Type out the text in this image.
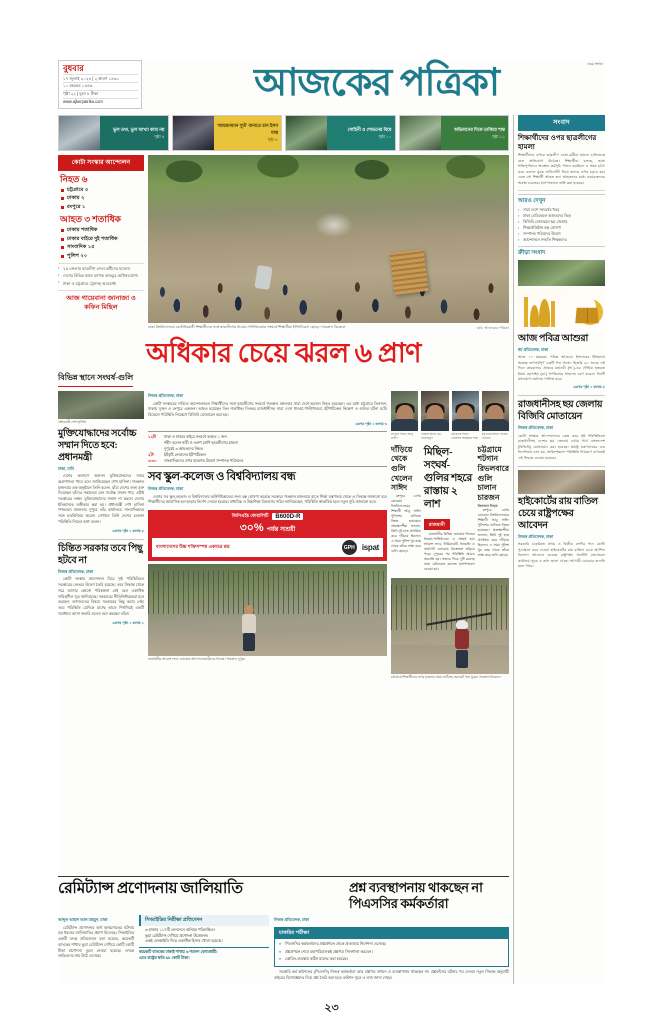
বুধবার
১৭ জুলাই ২০২৪ | ২ শ্রাবণ ১৪৩১
১০ মহররম ১৪৪৬
পৃষ্ঠা ২২ | মূল্য ৮ টাকা
www.ajkerpatrika.com
নবম সংখ্যা
আজকের পত্রিকা
ভুল তথ্য, ভুল ব্যাখ্যা কাম্য নয়
পৃষ্ঠা ৪
'আয়রনম্যান স্যুট' বানাতে চান ইলন মাস্ক
পৃষ্ঠা ৮
সোহিনী ও শোভনের বিয়ে
পৃষ্ঠা ১০
অভিমানের দিকে তাকিয়ে শান্ত
পৃষ্ঠা ১১
কোটা সংস্কার আন্দোলন
নিহত ৬
চট্টগ্রামে ৩
ঢাকায় ২
রংপুরে ১
আহত ৩ শতাধিক
ঢাকায় শতাধিক
ঢাকার বাইরে দুই শতাধিক
সাংবাদিক ১৫
পুলিশ ২০
▪ ২৫ জেলায় ছাত্রলীগ নেতা-কর্মীদের হামলা।
▪ দেশের বিভিন্ন স্থানে ব্যাপক ভাঙচুর-অগ্নিসংযোগ।
▪ ঢাকা ও চট্টগ্রামে ট্রেনসহ অবরোধ।
আজ গায়েবানা জানাজা ও কফিন মিছিল
ঢাকা বিশ্ববিদ্যালয়ে কোটাবিরোধী শিক্ষার্থীদের সঙ্গে ছাত্রলীগের ধাওয়া-পাল্টাধাওয়ার সংঘর্ষে শিক্ষার্থীরা ইটপাটকেল ছোড়ে। গতকাল বিকেলে	ছবি: আজকের পত্রিকা
অধিকার চেয়ে ঝরল ৬ প্রাণ
বিভিন্ন স্থানে সংঘর্ষ-গুলি
প্রধানমন্ত্রী শেখ হাসিনা
মুক্তিযোদ্ধাদের সর্বোচ্চ সম্মান দিতে হবে: প্রধানমন্ত্রী
ঢাকা, ঢাবি

দেশের কল্যাণে অবদান মুক্তিযোদ্ধাদের সবার অগ্রগণ্যতা পাবে বলে জানিয়েছেন শেখ হাসিনা। গতকাল মঙ্গলবার এক অনুষ্ঠানে তিনি বলেন, যাঁরা দেশের জন্য রক্ত দিয়েছেন তাঁদের সন্তানেরা যেন সর্বোচ্চ সম্মান পায়, এটাই সরকারের লক্ষ্য। মুক্তিযোদ্ধাদের সম্মান না করলে দেশের ইতিহাসকে অস্বীকার করা হয়। প্রধানমন্ত্রী শেখ হাসিনা গণভবনে মঙ্গলবার দুপুরে তাঁর কার্যালয়ে সাংবাদিকদের সঙ্গে মতবিনিময় করেন। সেখানে তিনি দেশের চলমান পরিস্থিতি নিয়েও কথা বলেন।

এরপর পৃষ্ঠা ২ কলাম ৫
চিন্তিত সরকার তবে পিছু হটবে না
নিজস্ব প্রতিবেদক, ঢাকা

কোটা সংস্কার আন্দোলন ঘিরে সৃষ্ট পরিস্থিতিতে সরকারের ভেতরে উদ্বেগ তৈরি হয়েছে। তবে সিদ্ধান্ত থেকে সরে আসার কোনো পরিকল্পনা নেই বলে একাধিক দায়িত্বশীল সূত্র জানিয়েছে। সরকারের নীতিনির্ধারকেরা মনে করছেন, আদালতের বিষয়ে সরকারের কিছু করার নেই। তবে পরিস্থিতি যেদিকে যাচ্ছে তাতে শিগগিরই একটি সমাধানে আসা জরুরি বলেও মনে করছেন তাঁরা।

এরপর পৃষ্ঠা ২ কলাম ১
নিজস্ব প্রতিবেদক, ঢাকা

কোটা সংস্কারের দাবিতে আন্দোলনরত শিক্ষার্থীদের সঙ্গে ছাত্রলীগের সংঘর্ষে গতকাল মঙ্গলবার সারা দেশে ছয়জন নিহত হয়েছেন। এর মধ্যে চট্টগ্রামে তিনজন, ঢাকায় দুজন ও রংপুরে একজন। আহত হয়েছেন তিন শতাধিক। দিনভর রাজধানীসহ সারা দেশে ধাওয়া-পাল্টাধাওয়া, ইটপাটকেল নিক্ষেপ ও গুলির ঘটনা ঘটে। বিকেলে পরিস্থিতি নিয়ন্ত্রণে বিজিবি মোতায়েন করা হয়।

এরপর পৃষ্ঠা ২ কলাম ৩
১২টা	ঢাকা ও ঢাকার বাইরে সংঘর্ষে আহত ১ জন
শহীদ হলেন নারী ও তরুণ শ্রেণি ছাত্রলীগের হামলা
দুপুরেই ৩ আহতদের নিহত
২টা	ইটবৃষ্টি নেতাদের ইটপাটকেল
৩:৩০	সাংবাদিকদের ওপর হামলায় উদ্বেগ সম্পাদক পরিষদের
সব স্কুল-কলেজ ও বিশ্ববিদ্যালয় বন্ধ
নিজস্ব প্রতিবেদক, ঢাকা

দেশের সব স্কুল-কলেজ ও বিশ্ববিদ্যালয় অনির্দিষ্টকালের জন্য বন্ধ ঘোষণা করেছে সরকার। গতকাল মঙ্গলবার রাতে শিক্ষা মন্ত্রণালয় থেকে এ সিদ্ধান্ত জানানো হয়। শিক্ষার্থীদের আবাসিক হল ছাড়ার নির্দেশ দেওয়া হয়েছে। মাধ্যমিক ও উচ্চশিক্ষা বিভাগের সচিব জানিয়েছেন, পরিস্থিতি স্বাভাবিক হলে নতুন সূচি জানানো হবে।

জিপিএইচ কোয়ালিটি	B600D-R
৩০% পর্যন্ত সাশ্রয়ী
বাংলাদেশের উচ্চ শক্তিসম্পন্ন একমাত্র রড	GPH ispat
রাজধানীর সায়েন্স ল্যাব এলাকায় আন্দোলনকারীদের ধাওয়া। গতকাল দুপুরে
রংপুরে নিহত আবু সাঈদ
ঢাকায় নিহত মো. ফারহানুল
চট্টগ্রামে নিহত ওয়াসিম আকরাম শান্ত
চট্টগ্রামে নিহত ফারুক হোসেন
দাঁড়িয়ে থেকে গুলি খেলেন সাঈদ

রংপুরে বেগম রোকেয়া বিশ্ববিদ্যালয়ের শিক্ষার্থী আবু সাঈদ পুলিশের গুলিতে নিহত হয়েছেন। প্রত্যক্ষদর্শীরা জানান, তিনি দুই হাত প্রসারিত করে দাঁড়িয়ে ছিলেন। এ সময় পুলিশ খুব কাছ থেকে তাঁকে লক্ষ্য করে গুলি ছোড়ে।

মিছিল-সংঘর্ষ-গুলির শহরে রাস্তায় ২ লাশ
রাজধানী

রাজধানীর বিভিন্ন এলাকায় দিনভর ধাওয়া-পাল্টাধাওয়া ও সংঘর্ষ হয়। সায়েন্স ল্যাব, নিউমার্কেট, ধানমন্ডি ও ফার্মগেট এলাকায় উত্তেজনা ছড়িয়ে পড়ে। দুপুরের পর পরিস্থিতি আরও অবনতি হয়। সন্ধ্যার দিকে দুটি মরদেহ ঢাকা মেডিকেল কলেজ হাসপাতালে নেওয়া হয়।

চট্টগ্রামে শটগান রিভলবারে গুলি চালান চারজন
তিনজন নিহত

রংপুরে বেগম রোকেয়া বিশ্ববিদ্যালয়ের শিক্ষার্থী আবু সাঈদ পুলিশের গুলিতে নিহত হয়েছেন। প্রত্যক্ষদর্শীরা জানান, তিনি দুই হাত প্রসারিত করে দাঁড়িয়ে ছিলেন। এ সময় পুলিশ খুব কাছ থেকে তাঁকে লক্ষ্য করে গুলি ছোড়ে।

চট্টগ্রামে শিক্ষার্থীদের ওপর হামলার সময় লাঠিসহ হেলমেট পরা যুবক। গতকাল বিকেলে
রেমিট্যান্স প্রণোদনায় জালিয়াতি	প্রশ্ন ব্যবস্থাপনায় থাকছেন না পিএসসির কর্মকর্তারা
আব্দুল আহাদ আল মাহমুদ, ঢাকা

রেমিট্যান্স প্রণোদনার অর্থ আত্মসাতের ঘটনায় বড় ধরনের জালিয়াতির প্রমাণ মিলেছে। সিআইডির একটি তদন্ত প্রতিবেদনে বলা হয়েছে, কয়েকটি ব্যাংকের শাখায় ভুয়া রেমিট্যান্স দেখিয়ে কোটি কোটি টাকা প্রণোদনা তুলে নেওয়া হয়েছে। তদন্তে জড়িতদের নাম উঠে এসেছে।

সিআইডির নিরীক্ষা প্রতিবেদন
৬ হাজার ১১৭টি লেনদেনে অনিয়ম পরিলক্ষিত।
ভুয়া রেমিট্যান্স দেখিয়ে প্রণোদনা উত্তোলন।
একই এনআইডি দিয়ে একাধিক হিসাব খোলা হয়েছে।
কয়েকটি ব্যাংকের ঢাকাই শাখায় ৬ শতাংশ বেনামধারী।
এতে রাষ্ট্রের ক্ষতি ৬৮ কোটি টাকা।
নিজস্ব প্রতিবেদক, ঢাকা
চাকরির পরীক্ষা
» পিএসসির কর্মকর্তাদের প্রশ্নপ্রণয়ন থেকে প্রত্যাহার নির্দেশনা এসেছে।
» প্রশ্নপ্রণয়ন শেষে মহাপরিচালকই প্রশ্নপত্র সিলগালা করবেন।
» কোডিং-ব্যবস্থায় কঠিন মানের করা হয়েছে।

সরকারি কর্ম কমিশনের (পিএসসি) নিজস্ব কর্মকর্তারা আর প্রশ্নপত্র প্রণয়ন ও ব্যবস্থাপনায় থাকছেন না। প্রশ্নফাঁসের ঘটনার পর নেওয়া নতুন সিদ্ধান্ত অনুযায়ী বাইরের বিশেষজ্ঞদের দিয়ে প্রশ্ন তৈরি করা হবে। কমিশন সূত্রে এ তথ্য জানা গেছে।

সংবাদ
শিক্ষার্থীদের ওপর ছাত্রলীগের হামলা
শিক্ষার্থীদের ওপরে ছাত্রলীগ নেতা-কর্মীরা হামলা চালিয়েছে বলে অভিযোগ উঠেছে। শিক্ষার্থীরা বলছে, তারা শান্তিপূর্ণভাবে অবস্থান কর্মসূচি পালন করছিল। এ সময় হঠাৎ করে একদল যুবক লাঠিসোঁটা নিয়ে তাদের ওপর চড়াও হয়। এতে বহু শিক্ষার্থী আহত হন। আহতদের মধ্যে কয়েকজনের অবস্থা গুরুতর। হাসপাতালে ভর্তি করা হয়েছে।
আরও দেখুন
▪ সারা দেশে সংঘর্ষের খবর
▪ ঢাকা মেডিকেলে আহতদের ভিড়
▪ বিজিবি মোতায়েন ছয় জেলায়
▪ শিক্ষাপ্রতিষ্ঠান বন্ধ ঘোষণা
▪ সম্পাদক পরিষদের উদ্বেগ
▪ আন্দোলনে সংহতি শিক্ষকদের
ক্রীড়া সংবাদ
আজ পবিত্র আশুরা
ধর্ম প্রতিবেদক, ঢাকা
আজ ১০ মহররম। পবিত্র আশুরা। ইসলামের ইতিহাসে অত্যন্ত তাৎপর্যপূর্ণ একটি দিন আজ। হিজরি ৬১ সনের এই দিনে কারবালার প্রান্তরে মহানবী (সা.)-এর দৌহিত্র হজরত ইমাম হোসাইন (রা.) সপরিবারে শাহাদত বরণ করেন। দিনটি যথাযোগ্য মর্যাদায় পালিত হবে।
এরপর পৃষ্ঠা ২ কলাম ৫
রাজধানীসহ ছয় জেলায় বিজিবি মোতায়েন
নিজস্ব প্রতিবেদক, ঢাকা
কোটা সংস্কার আন্দোলনকে কেন্দ্র করে সৃষ্ট পরিস্থিতিতে রাজধানীসহ দেশের ছয় জেলায় বর্ডার গার্ড বাংলাদেশ (বিজিবি) মোতায়েন করা হয়েছে। স্বরাষ্ট্র মন্ত্রণালয়ের এক নির্দেশনায় বলা হয়, আইনশৃঙ্খলা পরিস্থিতি নিয়ন্ত্রণে রাখতেই এই সিদ্ধান্ত নেওয়া হয়েছে।
হাইকোর্টের রায় বাতিল চেয়ে রাষ্ট্রপক্ষের আবেদন
নিজস্ব প্রতিবেদক, ঢাকা
সরকারি চাকরিতে প্রথম ও দ্বিতীয় শ্রেণির পদে কোটা পুনর্বহাল করে দেওয়া হাইকোর্টের রায় বাতিল চেয়ে আপিল বিভাগে আবেদন করেছে রাষ্ট্রপক্ষ। অ্যাটর্নি জেনারেল কার্যালয় সূত্রে এ তথ্য জানা গেছে। আগামী রোববার শুনানি হতে পারে।
২৩
